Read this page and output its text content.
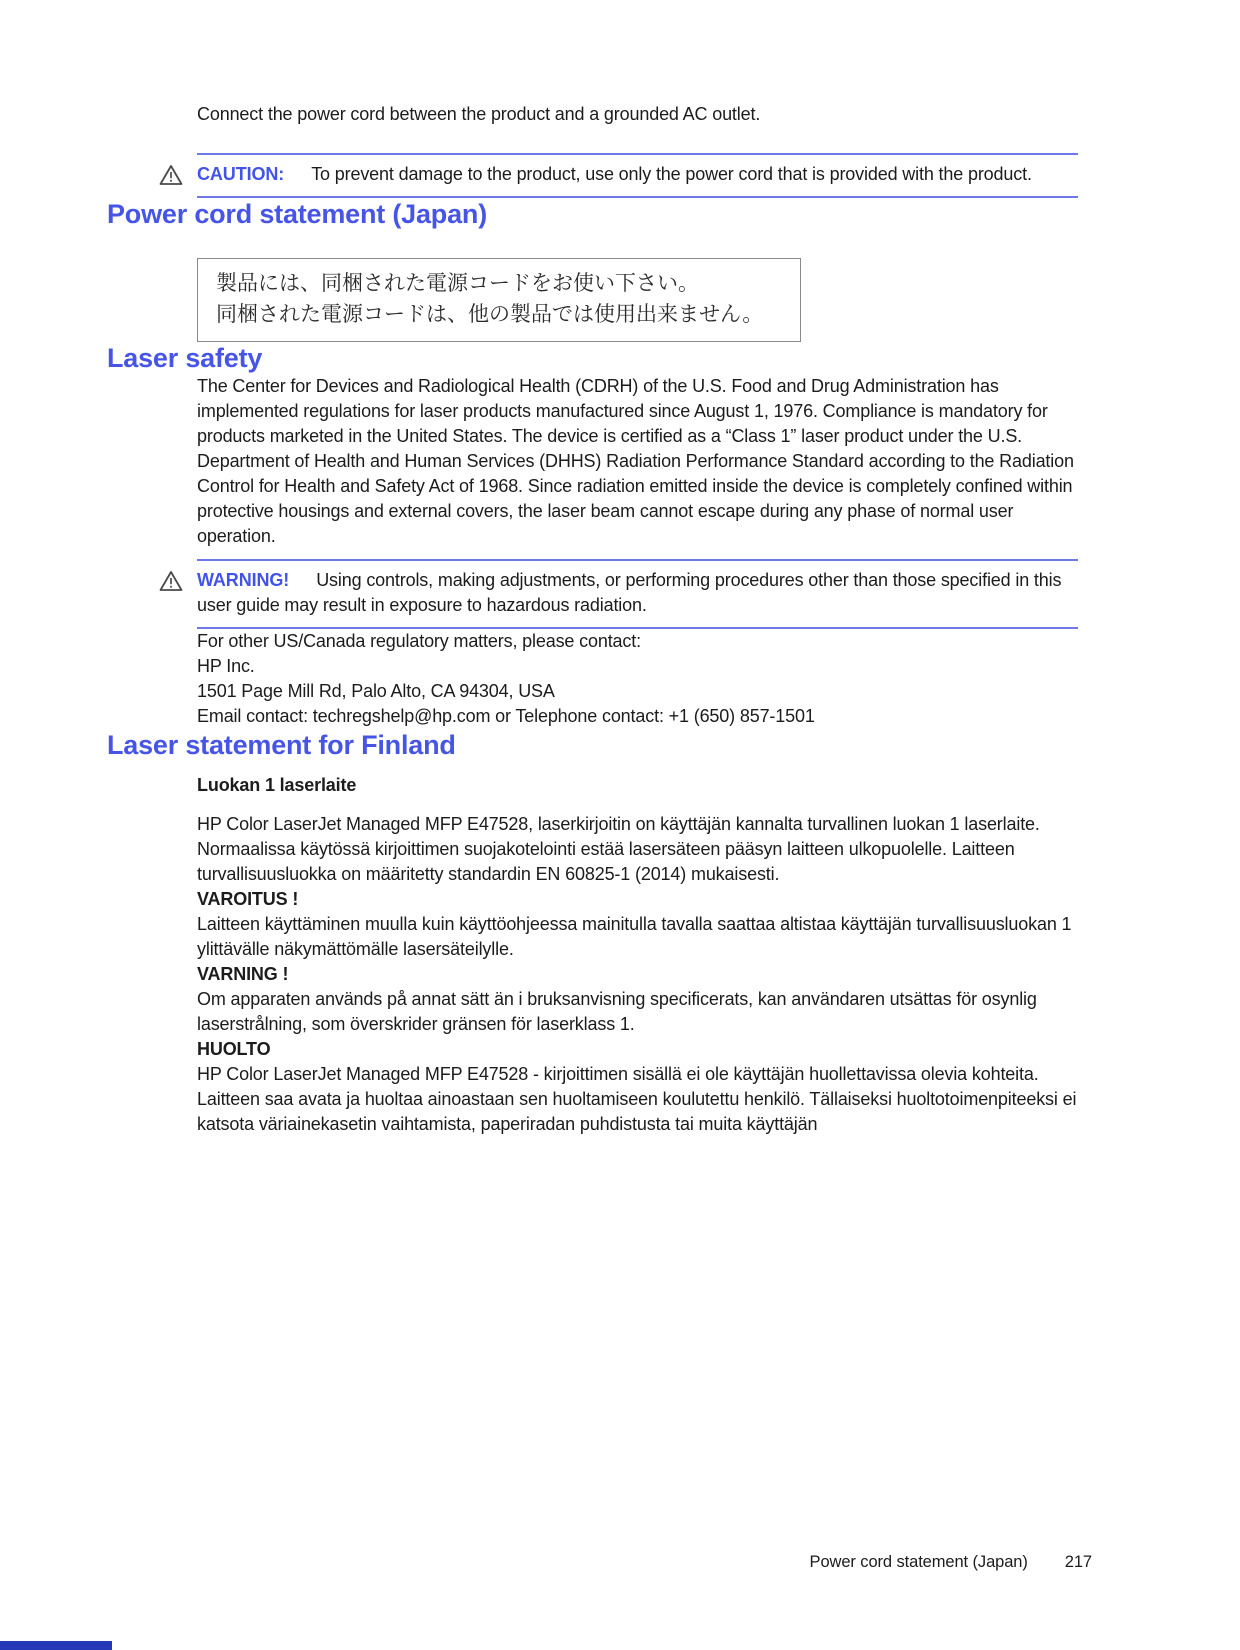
Connect the power cord between the product and a grounded AC outlet.

CAUTION: To prevent damage to the product, use only the power cord that is provided with the product.

Power cord statement (Japan)

製品には、同梱された電源コードをお使い下さい。

同梱された電源コードは、他の製品では使用出来ません。

Laser safety

The Center for Devices and Radiological Health (CDRH) of the U.S. Food and Drug Administration has implemented regulations for laser products manufactured since August 1, 1976. Compliance is mandatory for products marketed in the United States. The device is certified as a “Class 1” laser product under the U.S. Department of Health and Human Services (DHHS) Radiation Performance Standard according to the Radiation Control for Health and Safety Act of 1968. Since radiation emitted inside the device is completely confined within protective housings and external covers, the laser beam cannot escape during any phase of normal user operation.

WARNING! Using controls, making adjustments, or performing procedures other than those specified in this user guide may result in exposure to hazardous radiation.

For other US/Canada regulatory matters, please contact:

HP Inc.

1501 Page Mill Rd, Palo Alto, CA 94304, USA

Email contact: techregshelp@hp.com or Telephone contact: +1 (650) 857-1501

Laser statement for Finland

Luokan 1 laserlaite

HP Color LaserJet Managed MFP E47528, laserkirjoitin on käyttäjän kannalta turvallinen luokan 1 laserlaite. Normaalissa käytössä kirjoittimen suojakotelointi estää lasersäteen pääsyn laitteen ulkopuolelle. Laitteen turvallisuusluokka on määritetty standardin EN 60825-1 (2014) mukaisesti.

VAROITUS !

Laitteen käyttäminen muulla kuin käyttöohjeessa mainitulla tavalla saattaa altistaa käyttäjän turvallisuusluokan 1 ylittävälle näkymättömälle lasersäteilylle.

VARNING !

Om apparaten används på annat sätt än i bruksanvisning specificerats, kan användaren utsättas för osynlig laserstrålning, som överskrider gränsen för laserklass 1.

HUOLTO

HP Color LaserJet Managed MFP E47528 - kirjoittimen sisällä ei ole käyttäjän huollettavissa olevia kohteita. Laitteen saa avata ja huoltaa ainoastaan sen huoltamiseen koulutettu henkilö. Tällaiseksi huoltotoimenpiteeksi ei katsota väriainekasetin vaihtamista, paperiradan puhdistusta tai muita käyttäjän

Power cord statement (Japan) 217
